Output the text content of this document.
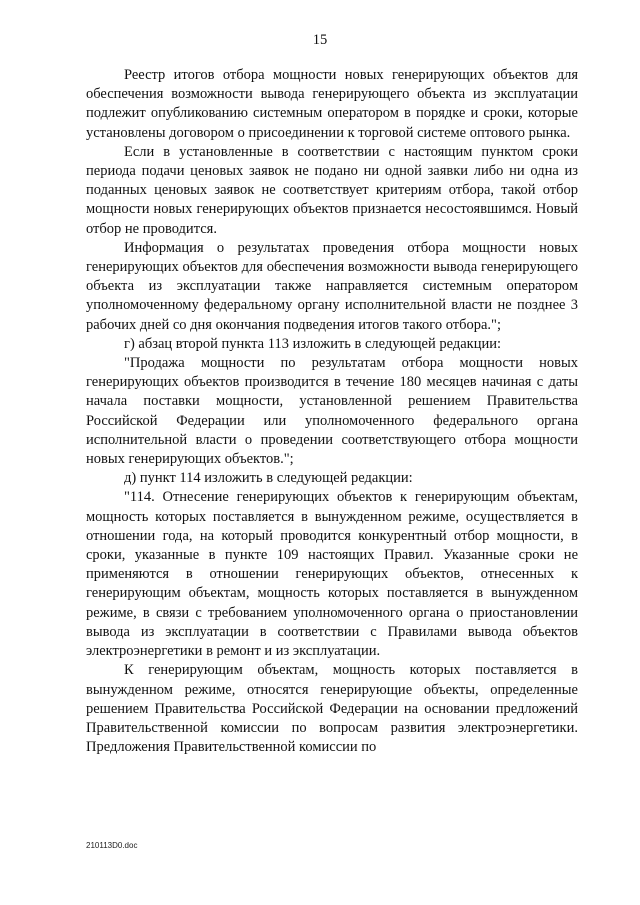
15

Реестр итогов отбора мощности новых генерирующих объектов для обеспечения возможности вывода генерирующего объекта из эксплуатации подлежит опубликованию системным оператором в порядке и сроки, которые установлены договором о присоединении к торговой системе оптового рынка.

Если в установленные в соответствии с настоящим пунктом сроки периода подачи ценовых заявок не подано ни одной заявки либо ни одна из поданных ценовых заявок не соответствует критериям отбора, такой отбор мощности новых генерирующих объектов признается несостоявшимся. Новый отбор не проводится.

Информация о результатах проведения отбора мощности новых генерирующих объектов для обеспечения возможности вывода генерирующего объекта из эксплуатации также направляется системным оператором уполномоченному федеральному органу исполнительной власти не позднее 3 рабочих дней со дня окончания подведения итогов такого отбора.";

г) абзац второй пункта 113 изложить в следующей редакции:

"Продажа мощности по результатам отбора мощности новых генерирующих объектов производится в течение 180 месяцев начиная с даты начала поставки мощности, установленной решением Правительства Российской Федерации или уполномоченного федерального органа исполнительной власти о проведении соответствующего отбора мощности новых генерирующих объектов.";

д) пункт 114 изложить в следующей редакции:

"114. Отнесение генерирующих объектов к генерирующим объектам, мощность которых поставляется в вынужденном режиме, осуществляется в отношении года, на который проводится конкурентный отбор мощности, в сроки, указанные в пункте 109 настоящих Правил. Указанные сроки не применяются в отношении генерирующих объектов, отнесенных к генерирующим объектам, мощность которых поставляется в вынужденном режиме, в связи с требованием уполномоченного органа о приостановлении вывода из эксплуатации в соответствии с Правилами вывода объектов электроэнергетики в ремонт и из эксплуатации.

К генерирующим объектам, мощность которых поставляется в вынужденном режиме, относятся генерирующие объекты, определенные решением Правительства Российской Федерации на основании предложений Правительственной комиссии по вопросам развития электроэнергетики. Предложения Правительственной комиссии по

210113D0.doc
